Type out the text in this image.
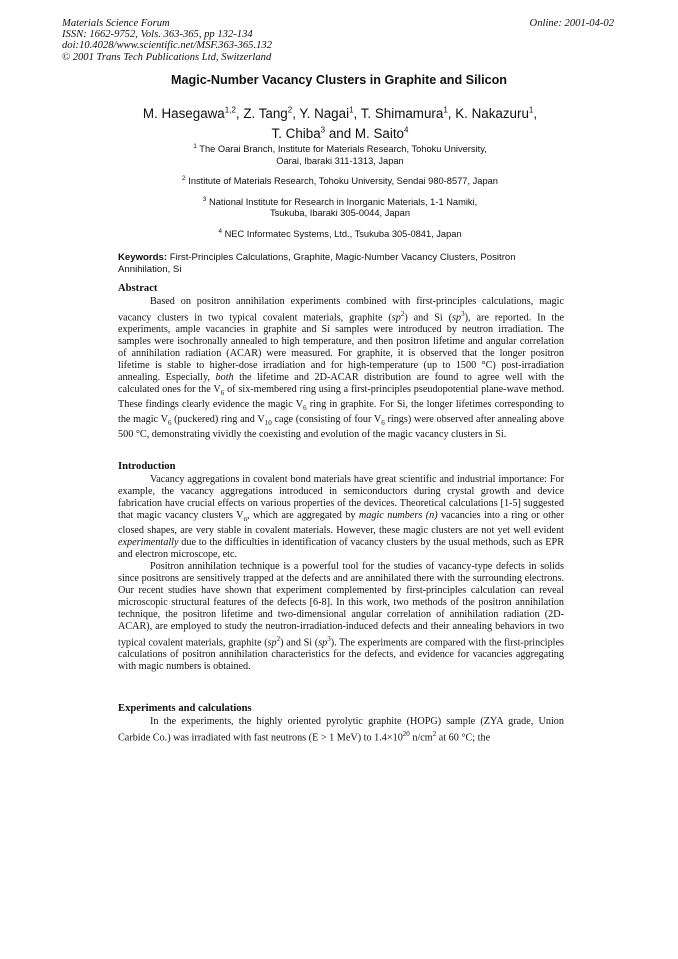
Materials Science Forum
ISSN: 1662-9752, Vols. 363-365, pp 132-134
doi:10.4028/www.scientific.net/MSF.363-365.132
© 2001 Trans Tech Publications Ltd, Switzerland
Online: 2001-04-02
Magic-Number Vacancy Clusters in Graphite and Silicon
M. Hasegawa$^{1,2}$, Z. Tang$^2$, Y. Nagai$^1$, T. Shimamura$^1$, K. Nakazuru$^1$,
T. Chiba$^3$ and M. Saito$^4$
$^1$ The Oarai Branch, Institute for Materials Research, Tohoku University,
Oarai, Ibaraki 311-1313, Japan
$^2$ Institute of Materials Research, Tohoku University, Sendai 980-8577, Japan
$^3$ National Institute for Research in Inorganic Materials, 1-1 Namiki,
Tsukuba, Ibaraki 305-0044, Japan
$^4$ NEC Informatec Systems, Ltd., Tsukuba 305-0841, Japan
Keywords: First-Principles Calculations, Graphite, Magic-Number Vacancy Clusters, Positron Annihilation, Si
Abstract

Based on positron annihilation experiments combined with first-principles calculations, magic vacancy clusters in two typical covalent materials, graphite $(sp^2)$ and Si $(sp^3)$, are reported. In the experiments, ample vacancies in graphite and Si samples were introduced by neutron irradiation. The samples were isochronally annealed to high temperature, and then positron lifetime and angular correlation of annihilation radiation (ACAR) were measured. For graphite, it is observed that the longer positron lifetime is stable to higher-dose irradiation and for high-temperature (up to 1500 °C) post-irradiation annealing. Especially, both the lifetime and 2D-ACAR distribution are found to agree well with the calculated ones for the $V_6$ of six-membered ring using a first-principles pseudopotential plane-wave method. These findings clearly evidence the magic $V_6$ ring in graphite. For Si, the longer lifetimes corresponding to the magic $V_6$ (puckered) ring and $V_{10}$ cage (consisting of four $V_6$ rings) were observed after annealing above 500 °C, demonstrating vividly the coexisting and evolution of the magic vacancy clusters in Si.

Introduction

Vacancy aggregations in covalent bond materials have great scientific and industrial importance: For example, the vacancy aggregations introduced in semiconductors during crystal growth and device fabrication have crucial effects on various properties of the devices. Theoretical calculations [1-5] suggested that magic vacancy clusters $V_n$, which are aggregated by magic numbers (n) vacancies into a ring or other closed shapes, are very stable in covalent materials. However, these magic clusters are not yet well evident experimentally due to the difficulties in identification of vacancy clusters by the usual methods, such as EPR and electron microscope, etc.

Positron annihilation technique is a powerful tool for the studies of vacancy-type defects in solids since positrons are sensitively trapped at the defects and are annihilated there with the surrounding electrons. Our recent studies have shown that experiment complemented by first-principles calculation can reveal microscopic structural features of the defects [6-8]. In this work, two methods of the positron annihilation technique, the positron lifetime and two-dimensional angular correlation of annihilation radiation (2D-ACAR), are employed to study the neutron-irradiation-induced defects and their annealing behaviors in two typical covalent materials, graphite $(sp^2)$ and Si $(sp^3)$. The experiments are compared with the first-principles calculations of positron annihilation characteristics for the defects, and evidence for vacancies aggregating with magic numbers is obtained.

Experiments and calculations

In the experiments, the highly oriented pyrolytic graphite (HOPG) sample (ZYA grade, Union Carbide Co.) was irradiated with fast neutrons (E > 1 MeV) to $1.4\times 10^{20}$ $n/cm^2$ at 60 °C; the
